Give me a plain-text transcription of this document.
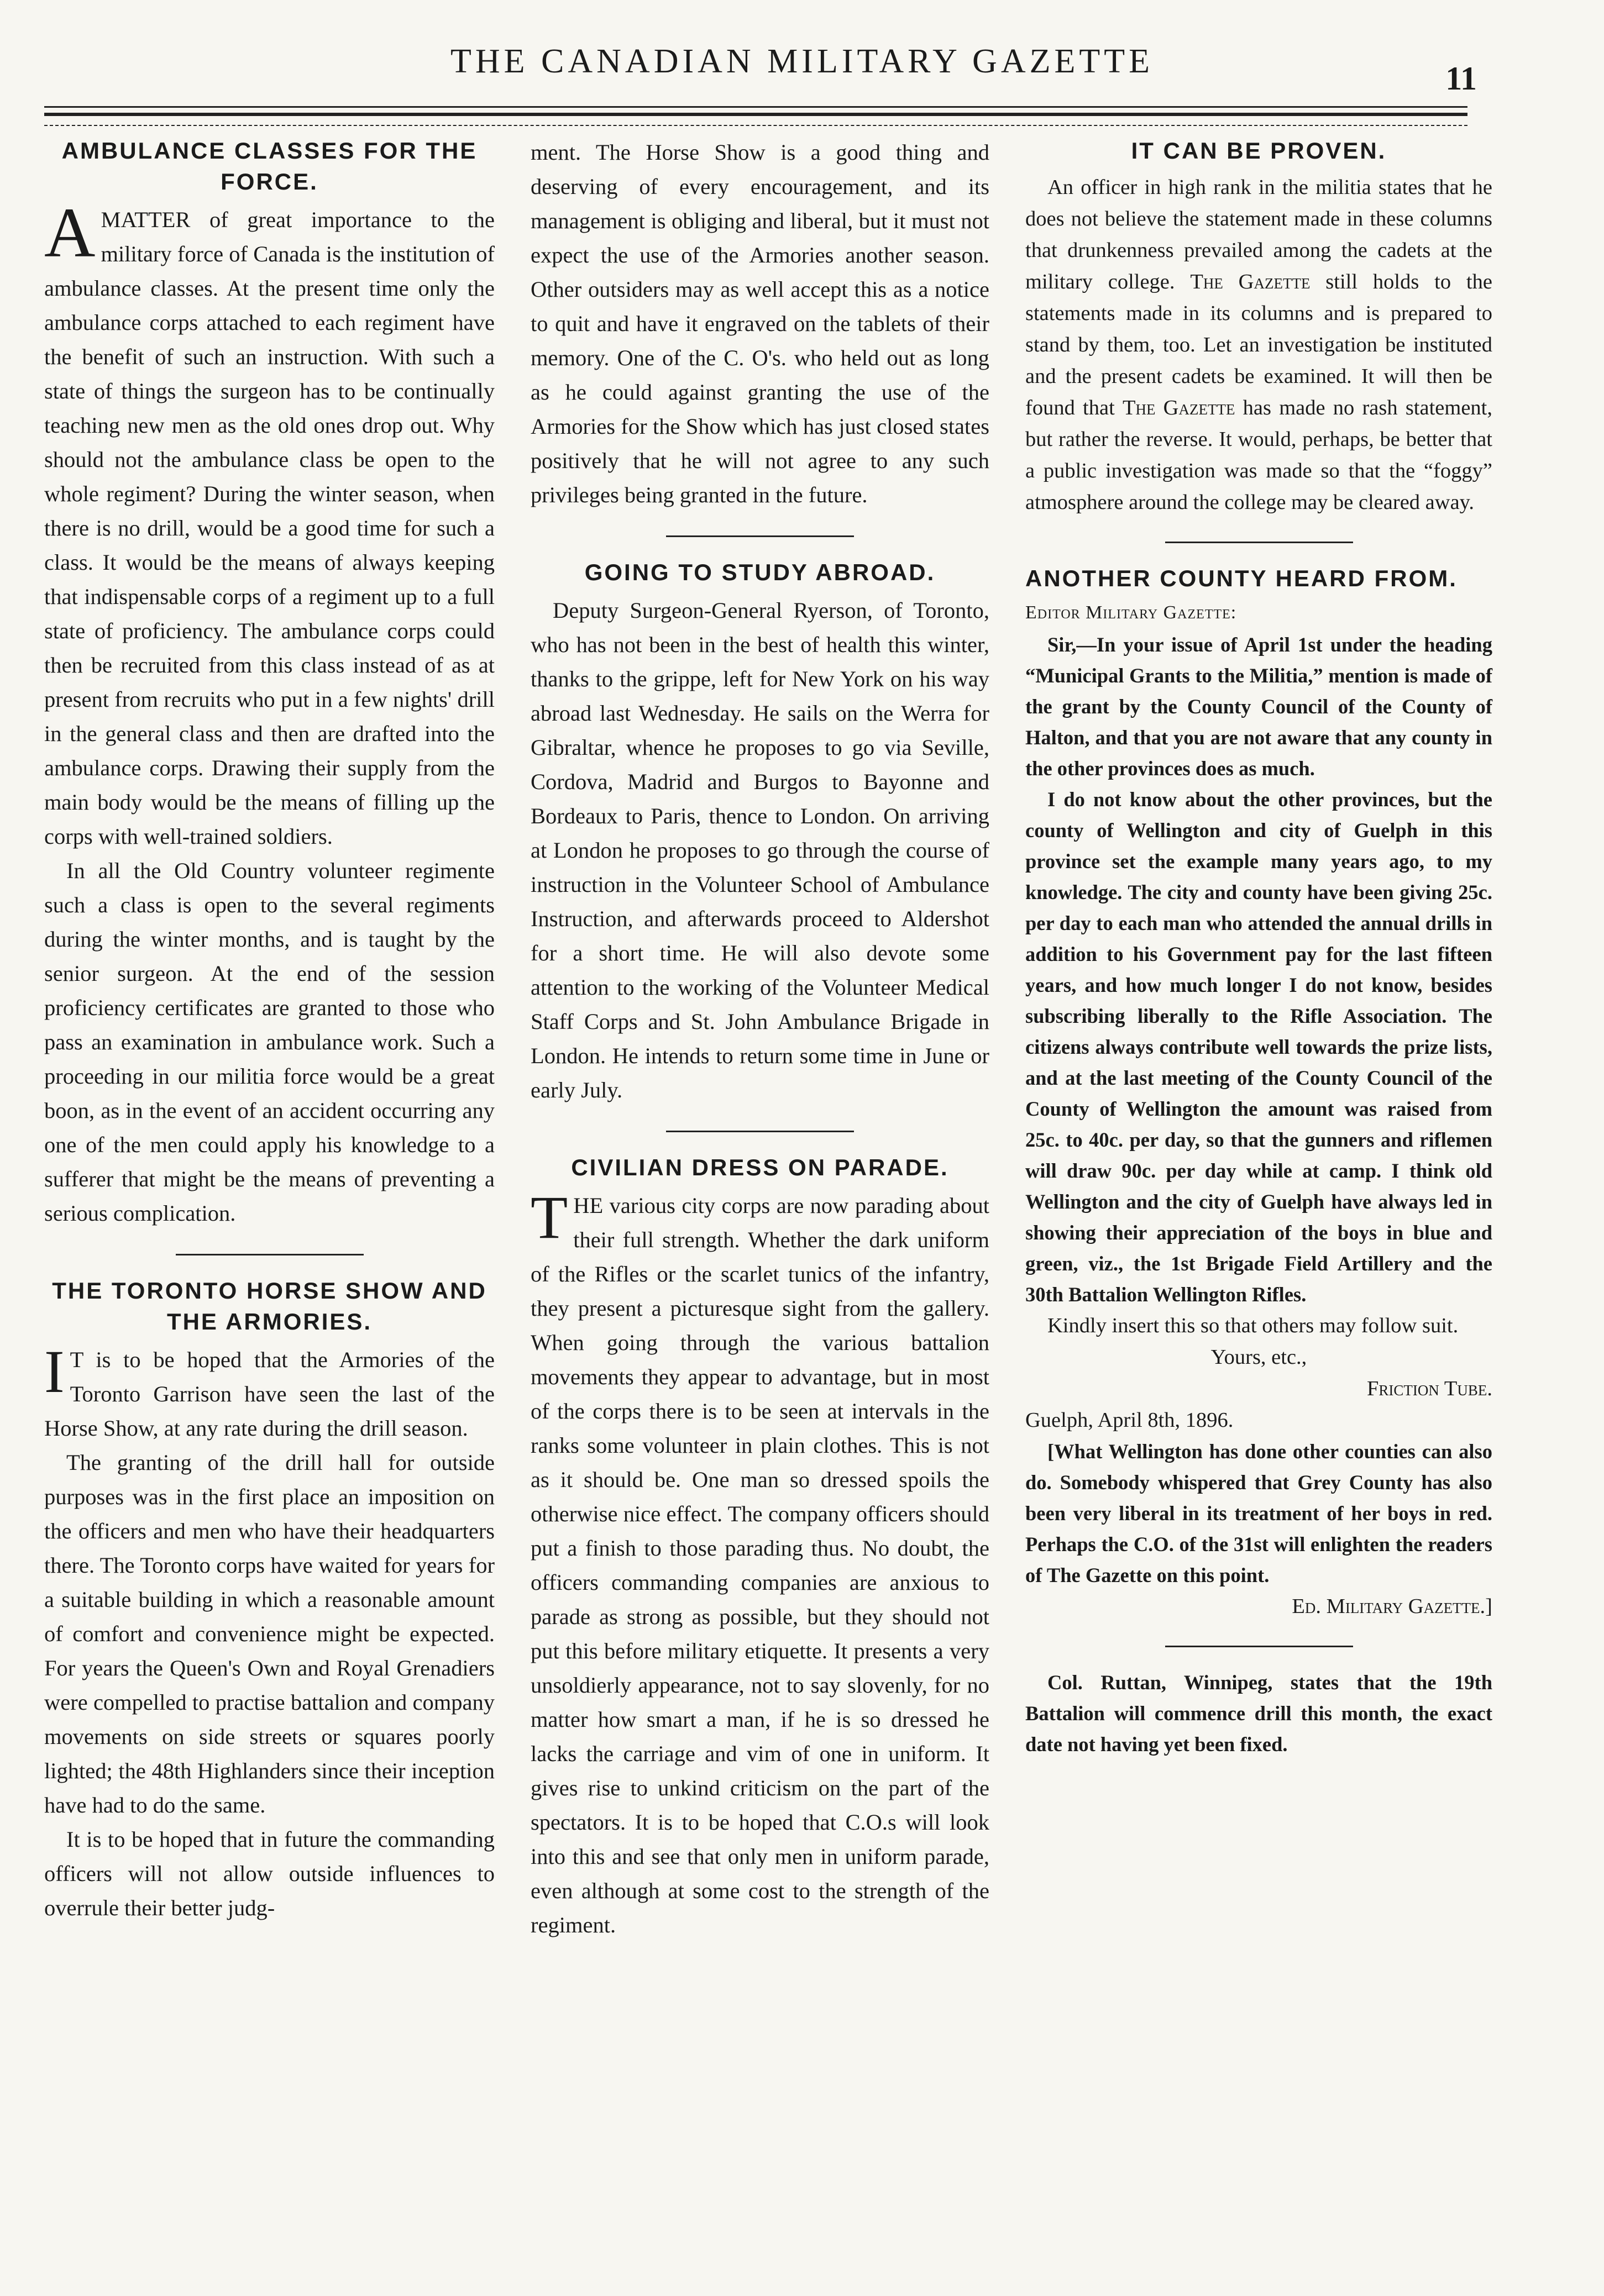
THE CANADIAN MILITARY GAZETTE	11
AMBULANCE CLASSES FOR THE FORCE.

AMATTER of great importance to the military force of Canada is the institution of ambulance classes. At the present time only the ambulance corps attached to each regiment have the benefit of such an instruction. With such a state of things the surgeon has to be continually teaching new men as the old ones drop out. Why should not the ambulance class be open to the whole regiment? During the winter season, when there is no drill, would be a good time for such a class. It would be the means of always keeping that indispensable corps of a regiment up to a full state of proficiency. The ambulance corps could then be recruited from this class instead of as at present from recruits who put in a few nights' drill in the general class and then are drafted into the ambulance corps. Drawing their supply from the main body would be the means of filling up the corps with well-trained soldiers.

In all the Old Country volunteer regimente such a class is open to the several regiments during the winter months, and is taught by the senior surgeon. At the end of the session proficiency certificates are granted to those who pass an examination in ambulance work. Such a proceeding in our militia force would be a great boon, as in the event of an accident occurring any one of the men could apply his knowledge to a sufferer that might be the means of preventing a serious complication.

THE TORONTO HORSE SHOW AND THE ARMORIES.

I T is to be hoped that the Armories of the Toronto Garrison have seen the last of the Horse Show, at any rate during the drill season.

The granting of the drill hall for outside purposes was in the first place an imposition on the officers and men who have their headquarters there. The Toronto corps have waited for years for a suitable building in which a reasonable amount of comfort and convenience might be expected. For years the Queen's Own and Royal Grenadiers were compelled to practise battalion and company movements on side streets or squares poorly lighted; the 48th Highlanders since their inception have had to do the same.

It is to be hoped that in future the commanding officers will not allow outside influences to overrule their better judg-

ment. The Horse Show is a good thing and deserving of every encouragement, and its management is obliging and liberal, but it must not expect the use of the Armories another season. Other outsiders may as well accept this as a notice to quit and have it engraved on the tablets of their memory. One of the C. O's. who held out as long as he could against granting the use of the Armories for the Show which has just closed states positively that he will not agree to any such privileges being granted in the future.

GOING TO STUDY ABROAD.

Deputy Surgeon-General Ryerson, of Toronto, who has not been in the best of health this winter, thanks to the grippe, left for New York on his way abroad last Wednesday. He sails on the Werra for Gibraltar, whence he proposes to go via Seville, Cordova, Madrid and Burgos to Bayonne and Bordeaux to Paris, thence to London. On arriving at London he proposes to go through the course of instruction in the Volunteer School of Ambulance Instruction, and afterwards proceed to Aldershot for a short time. He will also devote some attention to the working of the Volunteer Medical Staff Corps and St. John Ambulance Brigade in London. He intends to return some time in June or early July.

CIVILIAN DRESS ON PARADE.

THE various city corps are now parading about their full strength. Whether the dark uniform of the Rifles or the scarlet tunics of the infantry, they present a picturesque sight from the gallery. When going through the various battalion movements they appear to advantage, but in most of the corps there is to be seen at intervals in the ranks some volunteer in plain clothes. This is not as it should be. One man so dressed spoils the otherwise nice effect. The company officers should put a finish to those parading thus. No doubt, the officers commanding companies are anxious to parade as strong as possible, but they should not put this before military etiquette. It presents a very unsoldierly appearance, not to say slovenly, for no matter how smart a man, if he is so dressed he lacks the carriage and vim of one in uniform. It gives rise to unkind criticism on the part of the spectators. It is to be hoped that C.O.s will look into this and see that only men in uniform parade, even although at some cost to the strength of the regiment.

IT CAN BE PROVEN.

An officer in high rank in the militia states that he does not believe the statement made in these columns that drunkenness prevailed among the cadets at the military college. The Gazette still holds to the statements made in its columns and is prepared to stand by them, too. Let an investigation be instituted and the present cadets be examined. It will then be found that The Gazette has made no rash statement, but rather the reverse. It would, perhaps, be better that a public investigation was made so that the “foggy” atmosphere around the college may be cleared away.

ANOTHER COUNTY HEARD FROM.
Editor Military Gazette:

Sir,—In your issue of April 1st under the heading “Municipal Grants to the Militia,” mention is made of the grant by the County Council of the County of Halton, and that you are not aware that any county in the other provinces does as much.

I do not know about the other provinces, but the county of Wellington and city of Guelph in this province set the example many years ago, to my knowledge. The city and county have been giving 25c. per day to each man who attended the annual drills in addition to his Government pay for the last fifteen years, and how much longer I do not know, besides subscribing liberally to the Rifle Association. The citizens always contribute well towards the prize lists, and at the last meeting of the County Council of the County of Wellington the amount was raised from 25c. to 40c. per day, so that the gunners and riflemen will draw 90c. per day while at camp. I think old Wellington and the city of Guelph have always led in showing their appreciation of the boys in blue and green, viz., the 1st Brigade Field Artillery and the 30th Battalion Wellington Rifles.

Kindly insert this so that others may follow suit.

Yours, etc.,

Friction Tube.

Guelph, April 8th, 1896.

[What Wellington has done other counties can also do. Somebody whispered that Grey County has also been very liberal in its treatment of her boys in red. Perhaps the C.O. of the 31st will enlighten the readers of The Gazette on this point.

Ed. Military Gazette.]

Col. Ruttan, Winnipeg, states that the 19th Battalion will commence drill this month, the exact date not having yet been fixed.
